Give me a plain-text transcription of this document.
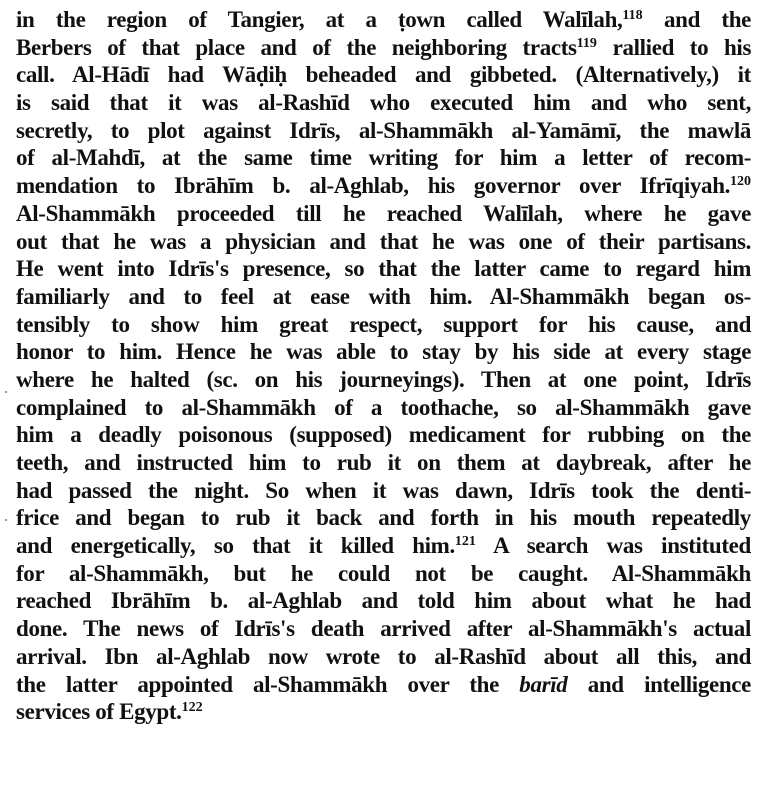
in the region of Tangier, at a ṭown called Walīlah,$^{118}$ and the
Berbers of that place and of the neighboring tracts$^{119}$ rallied to his
call. Al-Hādī had Wāḍiḥ beheaded and gibbeted. (Alternatively,) it
is said that it was al-Rashīd who executed him and who sent,
secretly, to plot against Idrīs, al-Shammākh al-Yamāmī, the mawlā
of al-Mahdī, at the same time writing for him a letter of recom-
mendation to Ibrāhīm b. al-Aghlab, his governor over Ifrīqiyah.$^{120}$
Al-Shammākh proceeded till he reached Walīlah, where he gave
out that he was a physician and that he was one of their partisans.
He went into Idrīs's presence, so that the latter came to regard him
familiarly and to feel at ease with him. Al-Shammākh began os-
tensibly to show him great respect, support for his cause, and
honor to him. Hence he was able to stay by his side at every stage
where he halted (sc. on his journeyings). Then at one point, Idrīs
complained to al-Shammākh of a toothache, so al-Shammākh gave
him a deadly poisonous (supposed) medicament for rubbing on the
teeth, and instructed him to rub it on them at daybreak, after he
had passed the night. So when it was dawn, Idrīs took the denti-
frice and began to rub it back and forth in his mouth repeatedly
and energetically, so that it killed him.$^{121}$ A search was instituted
for al-Shammākh, but he could not be caught. Al-Shammākh
reached Ibrāhīm b. al-Aghlab and told him about what he had
done. The news of Idrīs's death arrived after al-Shammākh's actual
arrival. Ibn al-Aghlab now wrote to al-Rashīd about all this, and
the latter appointed al-Shammākh over the barīd and intelligence
services of Egypt.$^{122}$
